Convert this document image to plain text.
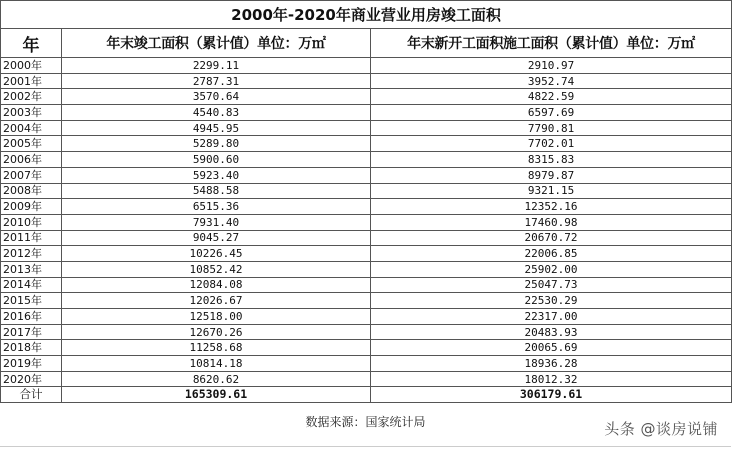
2000年-2020年商业营业用房竣工面积		
年	年末竣工面积（累计值）单位：万㎡	年末新开工面积施工面积（累计值）单位：万㎡
2000年	2299.11	2910.97
2001年	2787.31	3952.74
2002年	3570.64	4822.59
2003年	4540.83	6597.69
2004年	4945.95	7790.81
2005年	5289.80	7702.01
2006年	5900.60	8315.83
2007年	5923.40	8979.87
2008年	5488.58	9321.15
2009年	6515.36	12352.16
2010年	7931.40	17460.98
2011年	9045.27	20670.72
2012年	10226.45	22006.85
2013年	10852.42	25902.00
2014年	12084.08	25047.73
2015年	12026.67	22530.29
2016年	12518.00	22317.00
2017年	12670.26	20483.93
2018年	11258.68	20065.69
2019年	10814.18	18936.28
2020年	8620.62	18012.32
合计	165309.61	306179.61
数据来源：国家统计局	头条 @谈房说铺
